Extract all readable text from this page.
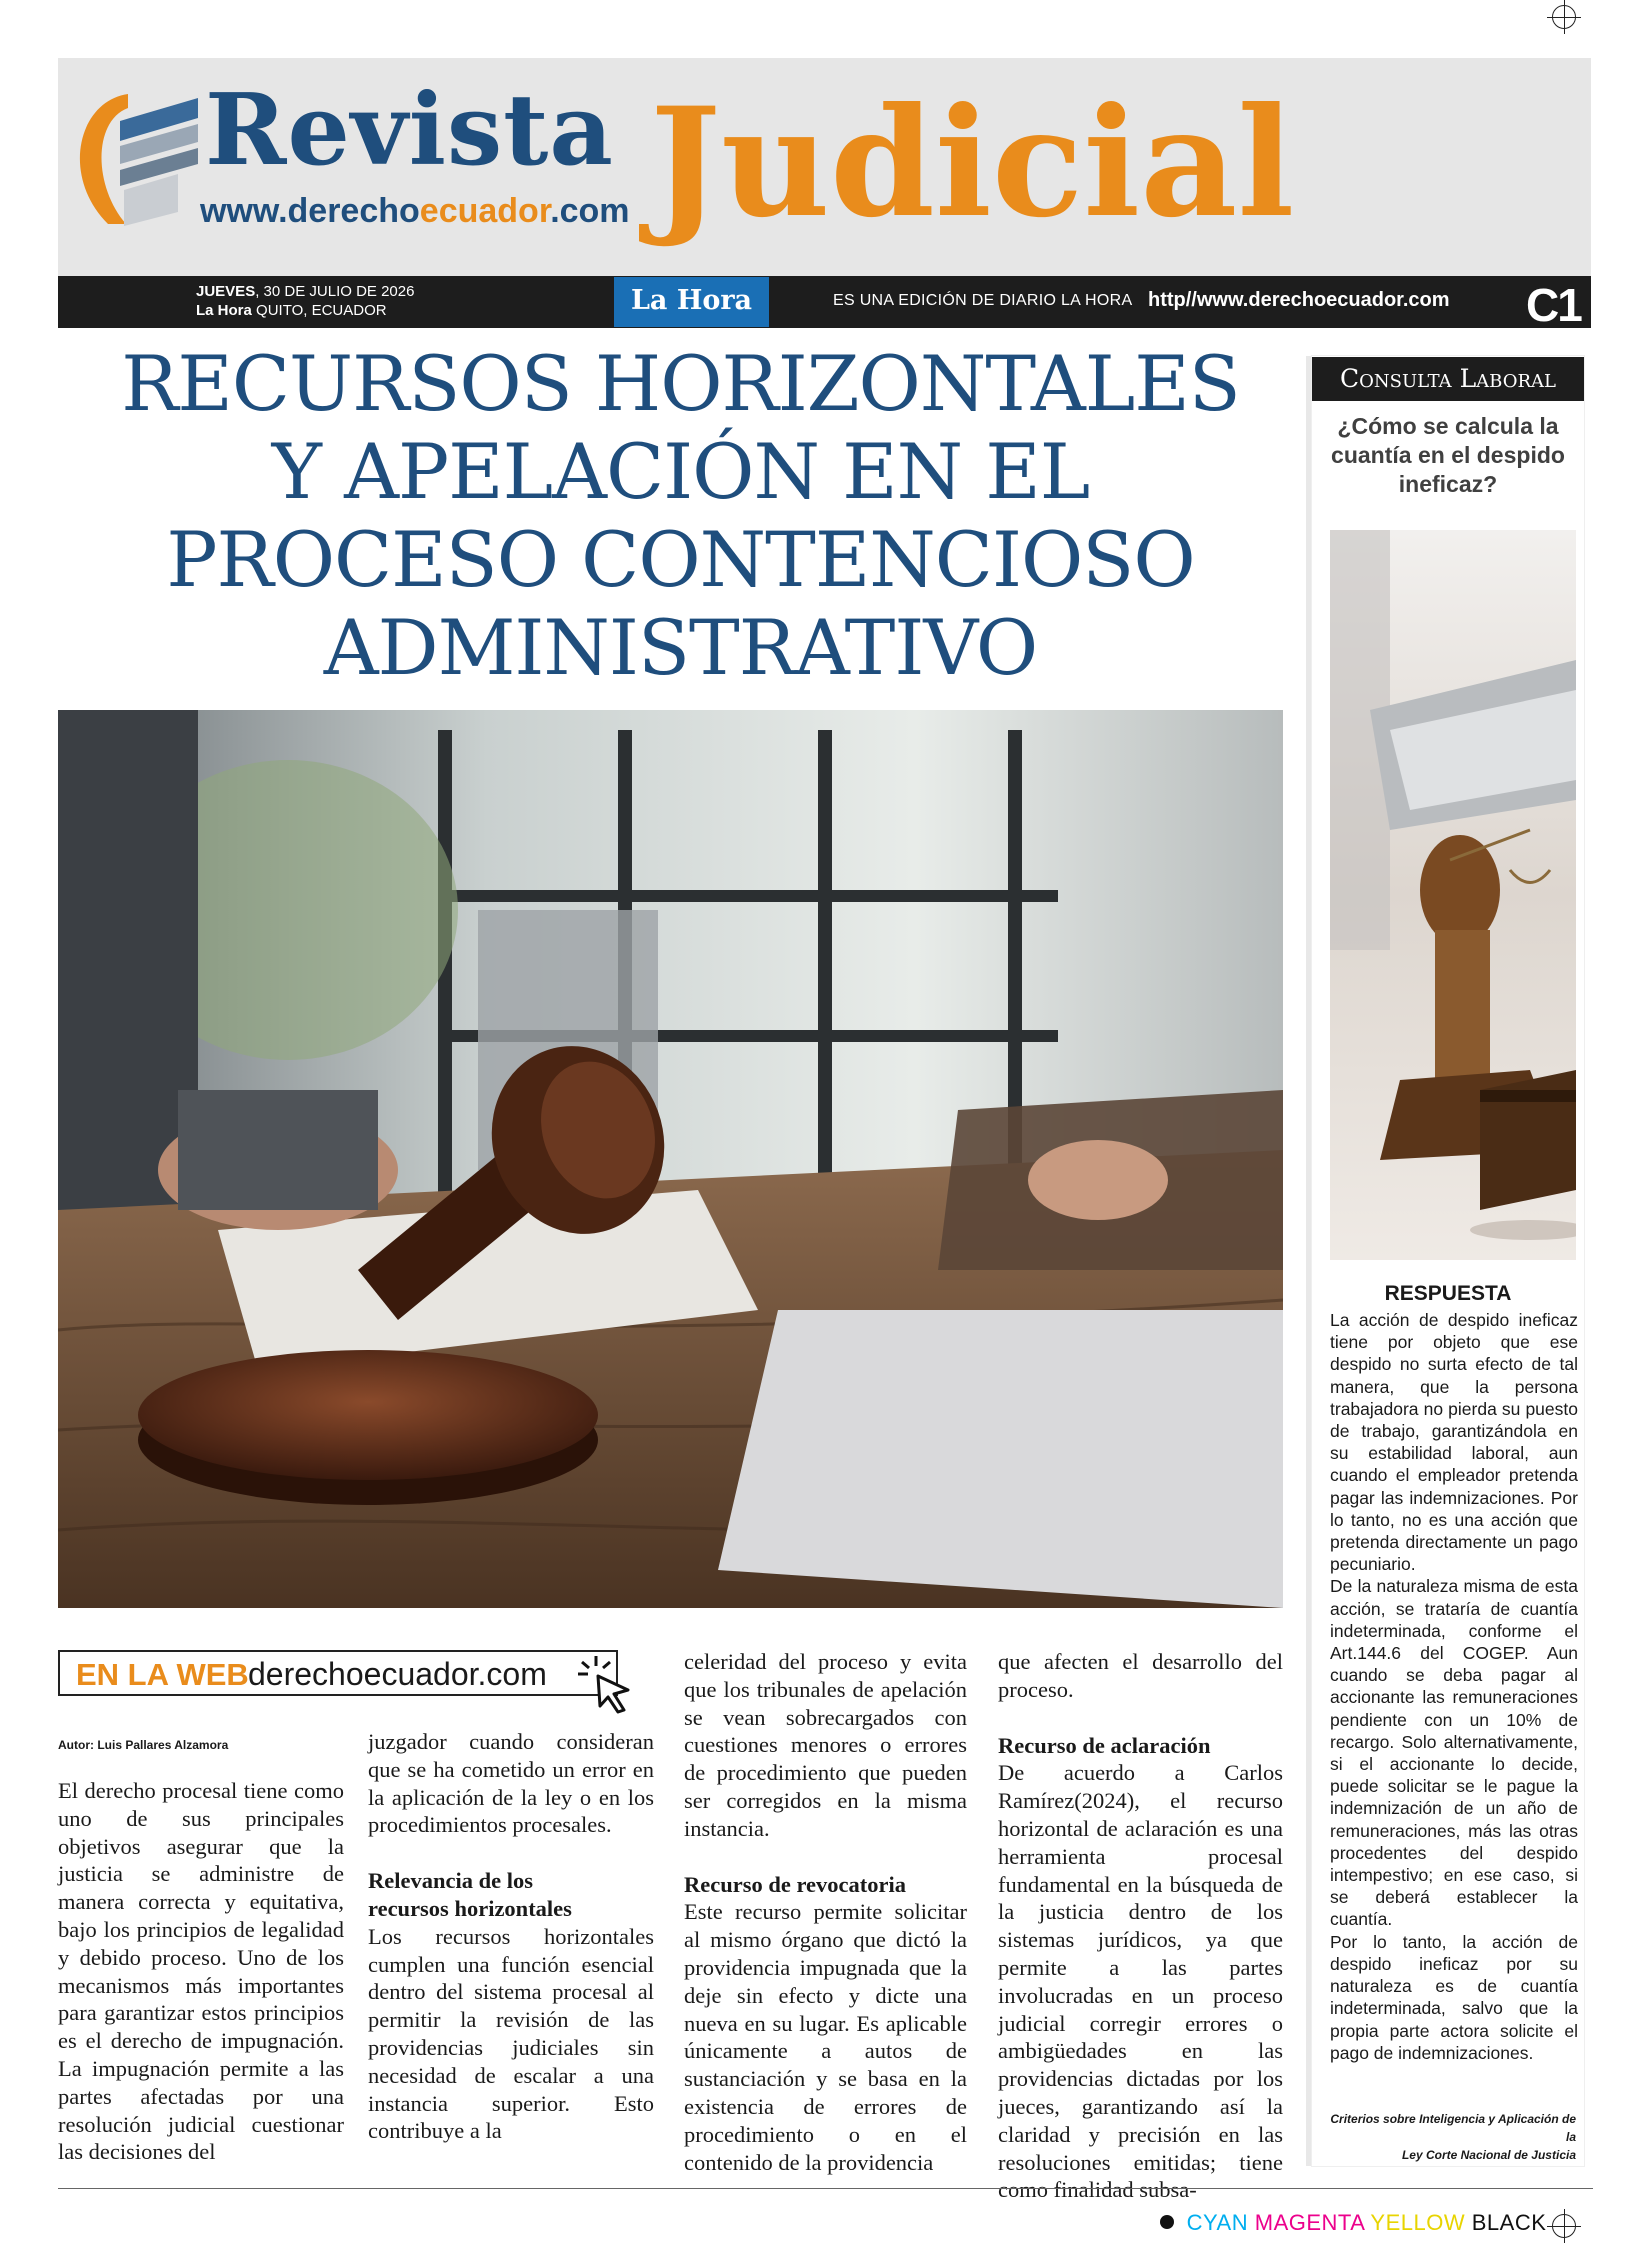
Revista
www.derechoecuador.com Judicial
JUEVES, 30 DE JULIO DE 2026
La Hora QUITO, ECUADOR	La Hora	ES UNA EDICIÓN DE DIARIO LA HORA http//www.derechoecuador.com C1
RECURSOS HORIZONTALES
Y APELACIÓN EN EL
PROCESO CONTENCIOSO
ADMINISTRATIVO
EN LA WEB derechoecuador.com
Autor: Luis Pallares Alzamora

El derecho procesal tiene como uno de sus principales objetivos asegurar que la justicia se administre de manera correcta y equitativa, bajo los principios de legalidad y debido proceso. Uno de los mecanismos más importantes para garantizar estos principios es el derecho de impugnación. La impugnación permite a las partes afectadas por una resolución judicial cuestionar las decisiones del

juzgador cuando consideran que se ha cometido un error en la aplicación de la ley o en los procedimientos procesales.

Relevancia de los
recursos horizontales

Los recursos horizontales cumplen una función esencial dentro del sistema procesal al permitir la revisión de las providencias judiciales sin necesidad de escalar a una instancia superior. Esto contribuye a la

celeridad del proceso y evita que los tribunales de apelación se vean sobrecargados con cuestiones menores o errores de procedimiento que pueden ser corregidos en la misma instancia.

Recurso de revocatoria

Este recurso permite solicitar al mismo órgano que dictó la providencia impugnada que la deje sin efecto y dicte una nueva en su lugar. Es aplicable únicamente a autos de sustanciación y se basa en la existencia de errores de procedimiento o en el contenido de la providencia

que afecten el desarrollo del proceso.

Recurso de aclaración

De acuerdo a Carlos Ramírez(2024), el recurso horizontal de aclaración es una herramienta procesal fundamental en la búsqueda de la justicia dentro de los sistemas jurídicos, ya que permite a las partes involucradas en un proceso judicial corregir errores o ambigüedades en las providencias dictadas por los jueces, garantizando así la claridad y precisión en las resoluciones emitidas; tiene como finalidad subsa-

Consulta Laboral
¿Cómo se calcula la cuantía en el despido ineficaz?
RESPUESTA

La acción de despido ineficaz tiene por objeto que ese despido no surta efecto de tal manera, que la persona trabajadora no pierda su puesto de trabajo, garantizándola en su estabilidad laboral, aun cuando el empleador pretenda pagar las indemnizaciones. Por lo tanto, no es una acción que pretenda directamente un pago pecuniario.

De la naturaleza misma de esta acción, se trataría de cuantía indeterminada, conforme el Art.144.6 del COGEP. Aun cuando se deba pagar al accionante las remuneraciones pendiente con un 10% de recargo. Solo alternativamente, si el accionante lo decide, puede solicitar se le pague la indemnización de un año de remuneraciones, más las otras procedentes del despido intempestivo; en ese caso, si se deberá establecer la cuantía.

Por lo tanto, la acción de despido ineficaz por su naturaleza es de cuantía indeterminada, salvo que la propia parte actora solicite el pago de indemnizaciones.

Criterios sobre Inteligencia y Aplicación de la
Ley Corte Nacional de Justicia
CYAN MAGENTA YELLOW BLACK
